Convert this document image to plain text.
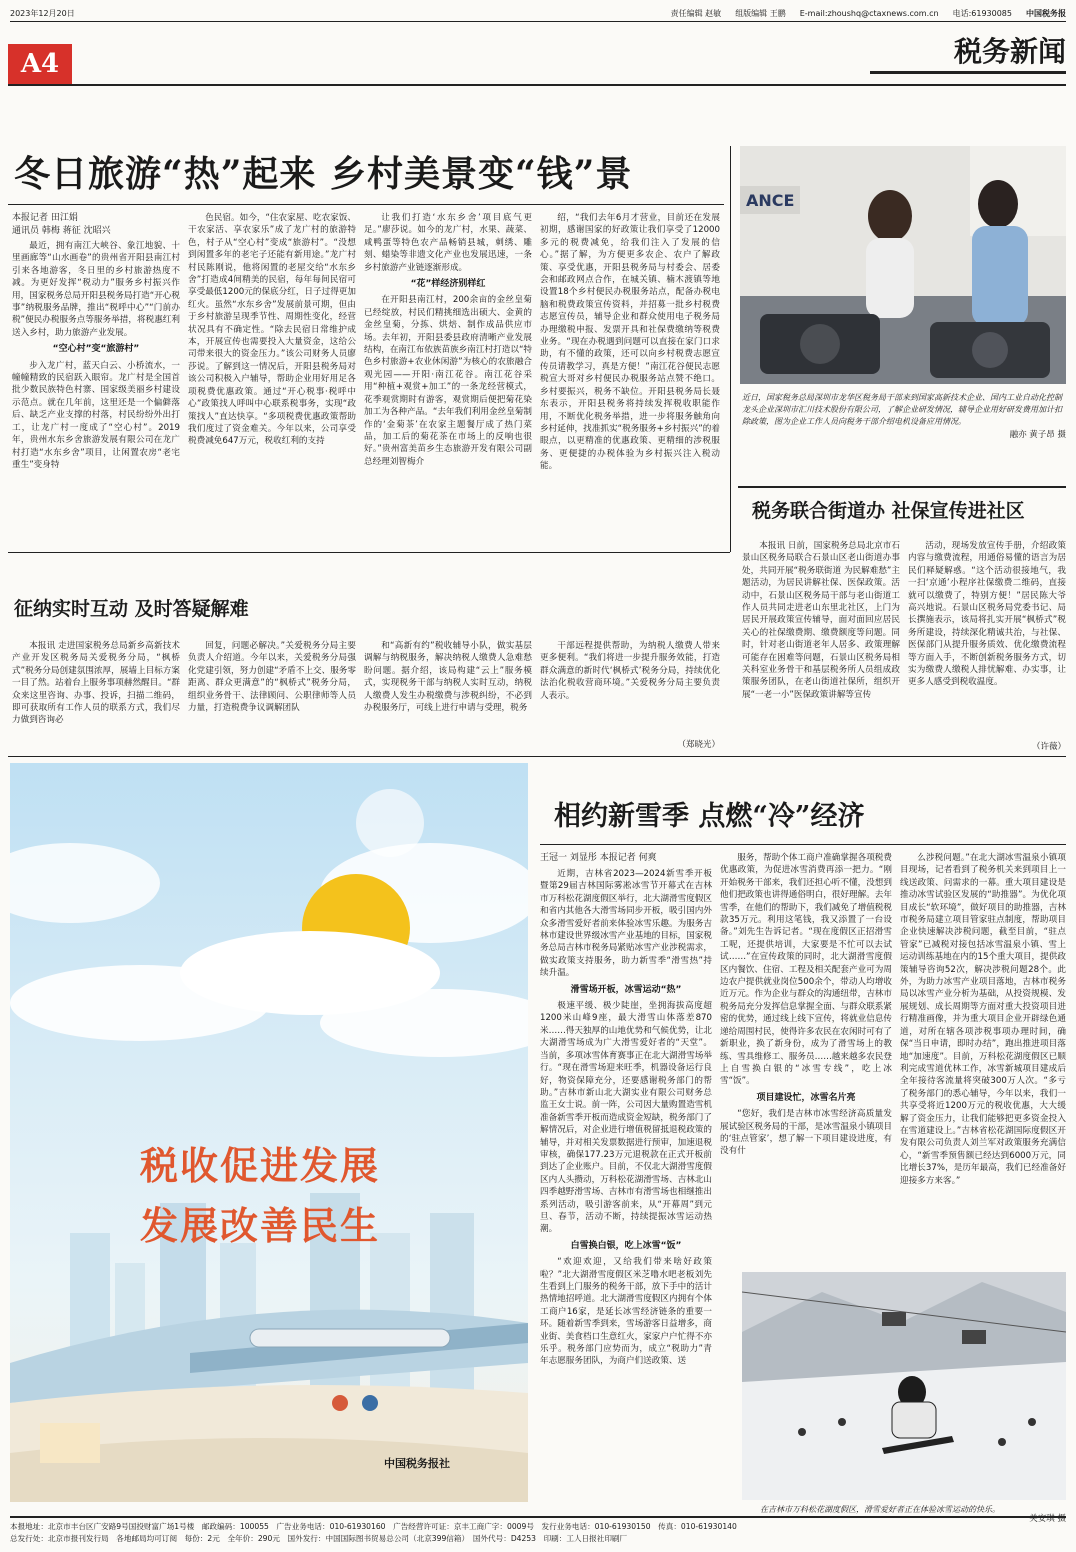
2023年12月20日	责任编辑 赵敏 组版编辑 王鹏 E-mail:zhoushq@ctaxnews.com.cn 电话:61930085 中国税务报
A4	税务新闻
冬日旅游“热”起来 乡村美景变“钱”景
本报记者 田江娟
通讯员 韩梅 蒋征 沈昭兴

最近，拥有南江大峡谷、象江地貌、十里画廊等“山水画卷”的贵州省开阳县南江村引来各地游客，冬日里的乡村旅游热度不减。为更好发挥“税动力”服务乡村振兴作用，国家税务总局开阳县税务局打造“开心税事”纳税服务品牌，推出“税呼中心”“门前办税”便民办税服务点等服务举措，将税惠红利送入乡村，助力旅游产业发展。

“空心村”变“旅游村”

步入龙广村，蓝天白云、小桥流水，一幢幢精致的民宿跃入眼帘。龙广村是全国首批少数民族特色村寨、国家级美丽乡村建设示范点。就在几年前，这里还是一个偏僻落后、缺乏产业支撑的村落，村民纷纷外出打工，让龙广村一度成了“空心村”。2019年，贵州水东乡舍旅游发展有限公司在龙广村打造“水东乡舍”项目，让闲置农房“老宅重生”变身特

色民宿。如今，“住农家屋、吃农家饭、干农家活、享农家乐”成了龙广村的旅游特色，村子从“空心村”变成“旅游村”。“没想到闲置多年的老宅子还能有新用途。”龙广村村民陈刚说，他将闲置的老屋交给“水东乡舍”打造成4间精美的民宿，每年每间民宿可享受最低1200元的保底分红，日子过得更加红火。虽然“水东乡舍”发展前景可期，但由于乡村旅游呈现季节性、周期性变化，经营状况具有不确定性。“除去民宿日常维护成本，开展宣传也需要投入大量资金，这给公司带来很大的资金压力。”该公司财务人员廖莎说。了解到这一情况后，开阳县税务局对该公司积极入户辅导，帮助企业用好用足各项税费优惠政策。通过“开心税事·税呼中心”政策找人呼叫中心联系税事务，实现“政策找人”直达快享。“多项税费优惠政策帮助我们度过了资金难关。今年以来，公司享受税费减免647万元，税收红利的支持

让我们打造‘水东乡舍’项目底气更足。”廖莎说。如今的龙广村，水果、蔬菜、咸鸭蛋等特色农产品畅销县城，刺绣、雕刻、蜡染等非遗文化产业也发展迅速，一条乡村旅游产业链逐渐形成。

“花”样经济别样红

在开阳县南江村，200余亩的金丝皇菊已经绽放，村民们精挑细选出硕大、金黄的金丝皇菊，分拣、烘焙、制作成品供应市场。去年初，开阳县委县政府清晰产业发展结构，在南江布依族苗族乡南江村打造以“特色乡村旅游+农业休闲游”为核心的农旅融合观光园——开阳·南江花谷。南江花谷采用“种植+观赏+加工”的一条龙经营模式，花季观赏期时有游客，观赏期后便把菊花染加工为各种产品。“去年我们利用金丝皇菊制作的‘金菊茶’在农家主题餐厅成了热门菜品，加工后的菊花茶在市场上的反响也很好。”贵州富美苗乡生态旅游开发有限公司副总经理刘智梅介

绍，“我们去年6月才营业，目前还在发展初期，感谢国家的好政策让我们享受了12000多元的税费减免，给我们注入了发展的信心。”据了解，为方便更多农企、农户了解政策、享受优惠，开阳县税务局与村委会、居委会和邮政网点合作，在城关镇、楠木渡镇等地设置18个乡村便民办税服务站点，配备办税电脑和税费政策宣传资料，并招募一批乡村税费志愿宣传员，辅导企业和群众使用电子税务局办理缴税申报、发票开具和社保费缴纳等税费业务。“现在办税遇到问题可以直接在家门口求助，有不懂的政策，还可以向乡村税费志愿宣传员请教学习，真是方便！”南江花谷便民志愿税宣大哥对乡村便民办税服务站点赞不绝口。乡村要振兴，税务不缺位。开阳县税务局长聂东表示，开阳县税务将持续发挥税收职能作用，不断优化税务举措，进一步将服务触角向乡村延伸，找准抓实“税务服务+乡村振兴”的着眼点，以更精准的优惠政策、更精细的涉税服务、更便捷的办税体验为乡村振兴注入税动能。

ANCE
近日，国家税务总局深圳市龙华区税务局干部来到国家高新技术企业、国内工业自动化控制龙头企业深圳市汇川技术股份有限公司，了解企业研发情况，辅导企业用好研发费用加计扣除政策，图为企业工作人员向税务干部介绍电机设备应用情况。
融亦 黄子昂 摄
税务联合街道办 社保宣传进社区

本报讯 日前，国家税务总局北京市石景山区税务局联合石景山区老山街道办事处，共同开展“税务联街道 为民解难愁”主题活动，为居民讲解社保、医保政策。活动中，石景山区税务局干部与老山街道工作人员共同走进老山东里北社区，上门为居民开展政策宣传辅导，面对面回应居民关心的社保缴费期、缴费额度等问题。同时，针对老山街道老年人居多、政策理解可能存在困难等问题，石景山区税务局相关科室业务骨干和基层税务所人员组成政策服务团队，在老山街道社保所，组织开展“一老一小”医保政策讲解等宣传

活动，现场发放宣传手册，介绍政策内容与缴费流程，用通俗易懂的语言为居民们释疑解惑。“这个活动很接地气，我一扫‘京通’小程序社保缴费二维码，直接就可以缴费了，特别方便！”居民陈大爷高兴地说。石景山区税务局党委书记、局长撰施表示，该局将扎实开展“枫桥式”税务所建设，持续深化精诚共治，与社保、医保部门从提升服务质效、优化缴费流程等方面入手，不断创新税务服务方式，切实为缴费人缴税人排忧解难、办实事，让更多人感受到税收温度。

（许薇）
征纳实时互动 及时答疑解难

本报讯 走进国家税务总局新乡高新技术产业开发区税务局关爱税务分局，“枫桥式”税务分局创建氛围浓厚，展墙上目标方案一目了然。站着台上服务事项赫然醒目。“群众来这里咨询、办事、投诉，扫描二维码，即可获取所有工作人员的联系方式，我们尽力做到咨询必

回复，问题必解决。”关爱税务分局主要负责人介绍道。今年以来，关爱税务分局强化党建引领，努力创建“矛盾不上交、服务零距离、群众更满意”的“枫桥式”税务分局，组织业务骨干、法律顾问、公职律师等人员力量，打造税费争议调解团队

和“高新有约”税收辅导小队，做实基层调解与纳税服务，解决纳税人缴费人急难愁盼问题。据介绍，该局构建“云上”服务模式，实现税务干部与纳税人实时互动，纳税人缴费人发生办税缴费与涉税纠纷，不必到办税服务厅，可线上进行申请与受理，税务

干部远程提供帮助，为纳税人缴费人带来更多便利。“我们将进一步提升服务效能，打造群众满意的新时代‘枫桥式’税务分局，持续优化法治化税收营商环境。”关爱税务分局主要负责人表示。

（郑晓光）
税收促进发展
发展改善民生
中国税务报社
相约新雪季 点燃“冷”经济
王冠一 刘显彤 本报记者 何爽

近期，吉林省2023—2024新雪季开板暨第29届吉林国际雾凇冰雪节开幕式在吉林市万科松花湖度假区举行，北大湖滑雪度假区和省内其他各大滑雪场同步开板，吸引国内外众多滑雪爱好者前来体验冰雪乐趣。为服务吉林市建设世界级冰雪产业基地的目标，国家税务总局吉林市税务局紧贴冰雪产业涉税需求，做实政策支持服务，助力新雪季“滑雪热”持续升温。

滑雪场开板，冰雪运动“热”

极速平缓、极少陡崖，坐拥海拔高度超1200米山峰9座，最大滑雪山体落差870米……得天独厚的山地优势和气候优势，让北大湖滑雪场成为广大滑雪爱好者的“天堂”。当前，多项冰雪体育赛事正在北大湖滑雪场举行。“现在滑雪场迎来旺季，机器设备运行良好，物资保障充分，还要感谢税务部门的帮助。”吉林市新山北大湖实业有限公司财务总监王女士说。前一阵，公司因大量购置造雪机准备新雪季开板而造成资金短缺，税务部门了解情况后，对企业进行增值税留抵退税政策的辅导，并对相关发票数据进行预审，加速退税审核，确保177.23万元退税款在正式开板前到达了企业账户。目前，不仅北大湖滑雪度假区内人头攒动，万科松花湖滑雪场、吉林北山四季越野滑雪场、吉林市有滑雪场也相继推出系列活动，吸引游客前来，从“开幕周”到元旦、春节，活动不断，持续提振冰雪运动热潮。

白雪换白银，吃上冰雪“饭”

“欢迎欢迎，又给我们带来啥好政策啦？”北大湖滑雪度假区米芝噜水吧老板刘先生看到上门服务的税务干部，放下手中的活计热情地招呼道。北大湖滑雪度假区内拥有个体工商户16家，是延长冰雪经济链条的重要一环。随着新雪季到来，雪场游客日益增多，商业街、美食档口生意红火，家家户户忙得不亦乐乎。税务部门应势而为，成立“税助力”青年志愿服务团队，为商户们送政策、送

服务，帮助个体工商户准确掌握各项税费优惠政策，为促进冰雪消费再添一把力。“刚开始税务干部来，我们还担心听不懂，没想到他们把政策也讲得通俗明白，很好理解。去年雪季，在他们的帮助下，我们减免了增值税税款35万元。利用这笔钱，我又添置了一台设备。”刘先生告诉记者。“现在度假区正招滑雪工呢，还提供培训，大家要是不忙可以去试试……”在宣传政策的同时，北大湖滑雪度假区内餐饮、住宿、工程及相关配套产业可为周边农户提供就业岗位500余个，带动人均增收近万元。作为企业与群众的沟通纽带，吉林市税务局充分发挥信息掌握全面、与群众联系紧密的优势，通过线上线下宣传，将就业信息传递给周围村民，使得许多农民在农闲时可有了新职业，换了新身份，成为了滑雪场上的教练、雪具维修工、服务员……越来越多农民登上自雪换白银的“冰雪专线”，吃上冰雪“饭”。

项目建设忙，冰雪名片亮

“您好，我们是吉林市冰雪经济高质量发展试验区税务局的干部，是冰雪温泉小镇项目的‘驻点管家’，想了解一下项目建设进度，有没有什

么涉税问题。”在北大湖冰雪温泉小镇项目现场，记者看到了税务机关来到项目上一线送政策、问需求的一幕。重大项目建设是推动冰雪试验区发展的“助推器”。为优化项目成长“软环境”，做好项目的助推器，吉林市税务局建立项目管家驻点制度，帮助项目企业快速解决涉税问题，截至目前，“驻点管家”已减税对接包括冰雪温泉小镇、雪上运动训练基地在内的15个重大项目，提供政策辅导咨询52次，解决涉税问题28个。此外，为助力冰雪产业项目落地，吉林市税务局以冰雪产业分析为基础，从投资规模、发展规划、成长周期等方面对重大投资项目进行精准画像，并为重大项目企业开辟绿色通道，对所在辖各项涉税事项办理时间，确保“当日申请，即时办结”，跑出推进项目落地“加速度”。目前，万科松花湖度假区已顺利完成雪道优林工作，冰雪新城项目建成后全年接待客流量将突破300万人次。“多亏了税务部门的悉心辅导，今年以来，我们一共享受将近1200万元的税收优惠，大大缓解了资金压力，让我们能够把更多资金投入在雪道建设上。”吉林省松花湖国际度假区开发有限公司负责人刘兰军对政策服务充满信心，“新雪季预售额已经达到6000万元，同比增长37%，是历年最高，我们已经准备好迎接多方来客。”

在吉林市万科松花湖度假区，滑雪爱好者正在体验冰雪运动的快乐。
关安琪 摄
本报地址：北京市丰台区广安路9号国投财富广场1号楼　邮政编码：100055　广告业务电话：010-61930160　广告经营许可证：京丰工商广字：0009号　发行业务电话：010-61930150　传真：010-61930140
总发行处：北京市报刊发行局　各地邮局均可订阅　每份：2元　全年价：290元　国外发行：中国国际图书贸易总公司（北京399信箱）　国外代号：D4253　印刷：工人日报社印刷厂
